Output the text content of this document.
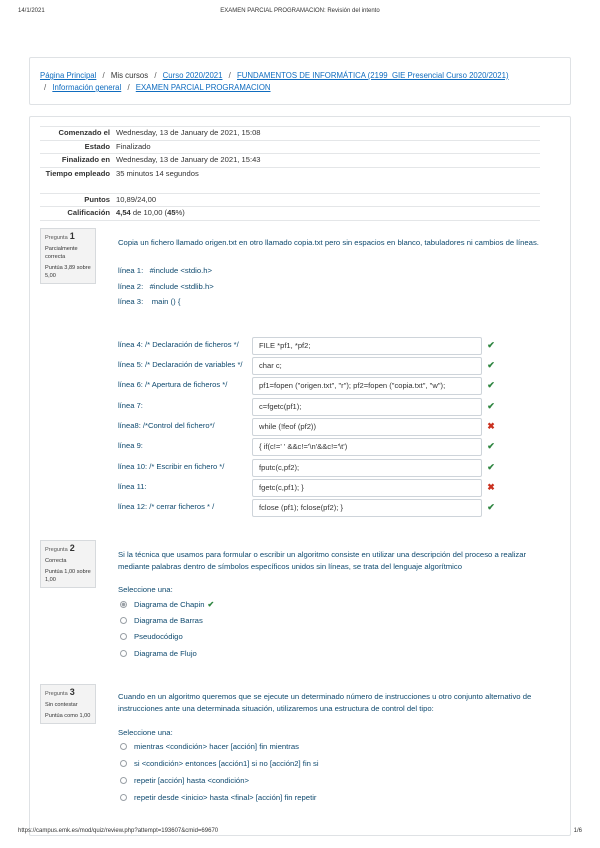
14/1/2021	EXAMEN PARCIAL PROGRAMACION: Revisión del intento
Página Principal / Mis cursos / Curso 2020/2021 / FUNDAMENTOS DE INFORMÁTICA (2199_GIE Presencial Curso 2020/2021)
/ Información general / EXAMEN PARCIAL PROGRAMACION
Comenzado el Wednesday, 13 de January de 2021, 15:08
Estado Finalizado
Finalizado en Wednesday, 13 de January de 2021, 15:43
Tiempo empleado 35 minutos 14 segundos
Puntos 10,89/24,00
Calificación 4,54 de 10,00 (45%)
Pregunta 1
Parcialmente correcta
Puntúa 3,89 sobre 5,00
Copia un fichero llamado origen.txt en otro llamado copia.txt pero sin espacios en blanco, tabuladores ni cambios de líneas.
línea 1:   #include <stdio.h>
línea 2:   #include <stdlib.h>
línea 3:    main () {
línea 4: /* Declaración de ficheros */	FILE *pf1, *pf2;	✔
línea 5: /* Declaración de variables */	char c;	✔
línea 6: /* Apertura de ficheros */	pf1=fopen ("origen.txt", "r"); pf2=fopen ("copia.txt", "w");	✔
línea 7:	c=fgetc(pf1);	✔
línea8: /*Control del fichero*/	while (!feof (pf2))	✖
línea 9:	{ if(c!=' ' &&c!='\n'&&c!='\t')	✔
línea 10: /* Escribir en fichero */	fputc(c,pf2);	✔
línea 11:	fgetc(c,pf1); }	✖
línea 12: /* cerrar ficheros * /	fclose (pf1); fclose(pf2); }	✔
Pregunta 2
Correcta
Puntúa 1,00 sobre 1,00
Si la técnica que usamos para formular o escribir un algoritmo consiste en utilizar una descripción del proceso a realizar mediante palabras dentro de símbolos específicos unidos sin líneas, se trata del lenguaje algorítmico
Seleccione una:
Diagrama de Chapin ✔
Diagrama de Barras
Pseudocódigo
Diagrama de Flujo
Pregunta 3
Sin contestar
Puntúa como 1,00
Cuando en un algoritmo queremos que se ejecute un determinado número de instrucciones u otro conjunto alternativo de instrucciones ante una determinada situación, utilizaremos una estructura de control del tipo:
Seleccione una:
mientras <condición> hacer [acción] fin mientras
si <condición> entonces [acción1] si no [acción2] fin si
repetir [acción] hasta <condición>
repetir desde <inicio> hasta <final> [acción] fin repetir
https://campus.emk.es/mod/quiz/review.php?attempt=193607&cmid=69670	1/6
